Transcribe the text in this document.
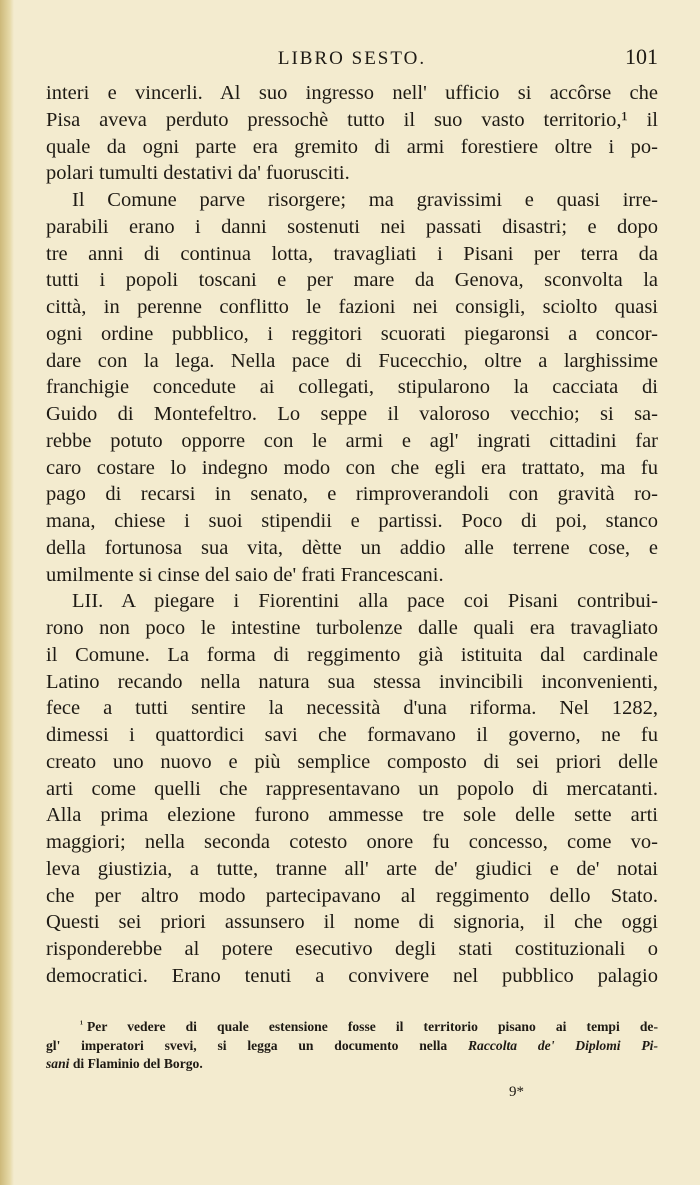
LIBRO SESTO.	101
interi e vincerli. Al suo ingresso nell' ufficio si accôrse che
Pisa aveva perduto pressochè tutto il suo vasto territorio,¹ il
quale da ogni parte era gremito di armi forestiere oltre i po-
polari tumulti destativi da' fuorusciti.
Il Comune parve risorgere; ma gravissimi e quasi irre-
parabili erano i danni sostenuti nei passati disastri; e dopo
tre anni di continua lotta, travagliati i Pisani per terra da
tutti i popoli toscani e per mare da Genova, sconvolta la
città, in perenne conflitto le fazioni nei consigli, sciolto quasi
ogni ordine pubblico, i reggitori scuorati piegaronsi a concor-
dare con la lega. Nella pace di Fucecchio, oltre a larghissime
franchigie concedute ai collegati, stipularono la cacciata di
Guido di Montefeltro. Lo seppe il valoroso vecchio; si sa-
rebbe potuto opporre con le armi e agl' ingrati cittadini far
caro costare lo indegno modo con che egli era trattato, ma fu
pago di recarsi in senato, e rimproverandoli con gravità ro-
mana, chiese i suoi stipendii e partissi. Poco di poi, stanco
della fortunosa sua vita, dètte un addio alle terrene cose, e
umilmente si cinse del saio de' frati Francescani.
LII. A piegare i Fiorentini alla pace coi Pisani contribui-
rono non poco le intestine turbolenze dalle quali era travagliato
il Comune. La forma di reggimento già istituita dal cardinale
Latino recando nella natura sua stessa invincibili inconvenienti,
fece a tutti sentire la necessità d'una riforma. Nel 1282,
dimessi i quattordici savi che formavano il governo, ne fu
creato uno nuovo e più semplice composto di sei priori delle
arti come quelli che rappresentavano un popolo di mercatanti.
Alla prima elezione furono ammesse tre sole delle sette arti
maggiori; nella seconda cotesto onore fu concesso, come vo-
leva giustizia, a tutte, tranne all' arte de' giudici e de' notai
che per altro modo partecipavano al reggimento dello Stato.
Questi sei priori assunsero il nome di signoria, il che oggi
risponderebbe al potere esecutivo degli stati costituzionali o
democratici. Erano tenuti a convivere nel pubblico palagio
$^{^1}$ Per vedere di quale estensione fosse il territorio pisano ai tempi de-
gl' imperatori svevi, si legga un documento nella Raccolta de' Diplomi Pi-
sani di Flaminio del Borgo.
9*
